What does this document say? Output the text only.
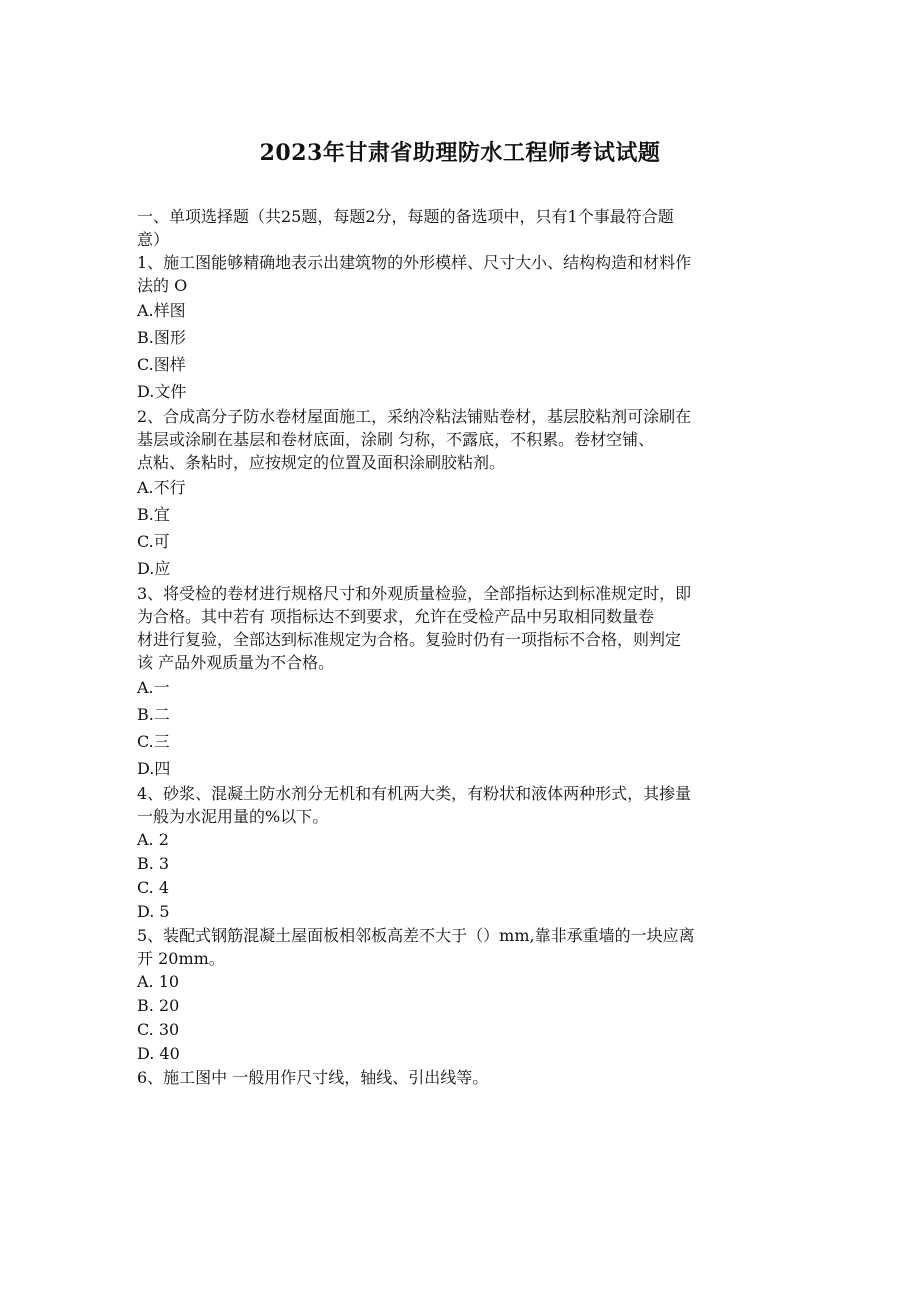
2023年甘肃省助理防水工程师考试试题
一、单项选择题（共25题，每题2分，每题的备选项中，只有1个事最符合题
意）
1、施工图能够精确地表示出建筑物的外形模样、尺寸大小、结构构造和材料作
法的 O
A.样图
B.图形
C.图样
D.文件
2、合成高分子防水卷材屋面施工，采纳冷粘法铺贴卷材，基层胶粘剂可涂刷在
基层或涂刷在基层和卷材底面，涂刷 匀称，不露底，不积累。卷材空铺、
点粘、条粘时，应按规定的位置及面积涂刷胶粘剂。
A.不行
B.宜
C.可
D.应
3、将受检的卷材进行规格尺寸和外观质量检验，全部指标达到标准规定时，即
为合格。其中若有 项指标达不到要求，允许在受检产品中另取相同数量卷
材进行复验，全部达到标准规定为合格。复验时仍有一项指标不合格，则判定
该 产品外观质量为不合格。
A.一
B.二
C.三
D.四
4、砂浆、混凝土防水剂分无机和有机两大类，有粉状和液体两种形式，其掺量
一般为水泥用量的%以下。
A. 2
B. 3
C. 4
D. 5
5、装配式钢筋混凝土屋面板相邻板高差不大于（）mm,靠非承重墙的一块应离
开 20mm。
A. 10
B. 20
C. 30
D. 40
6、施工图中 一般用作尺寸线，轴线、引出线等。
